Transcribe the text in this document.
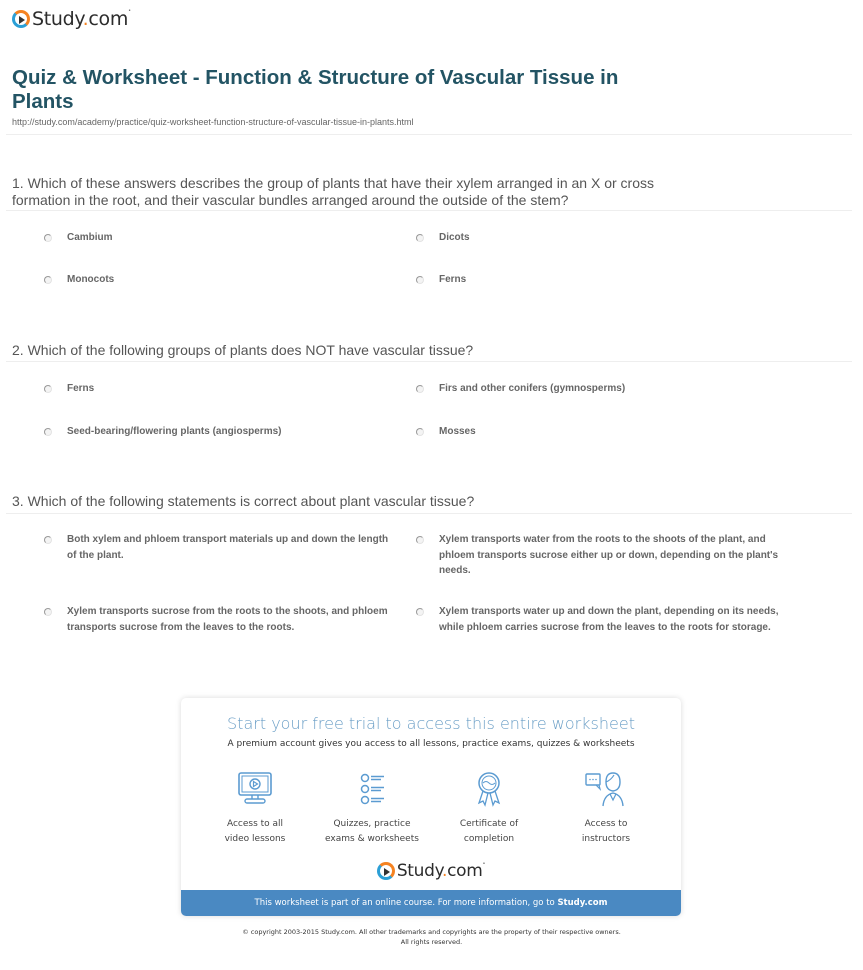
Study.com•
Quiz & Worksheet - Function & Structure of Vascular Tissue in Plants
http://study.com/academy/practice/quiz-worksheet-function-structure-of-vascular-tissue-in-plants.html
1. Which of these answers describes the group of plants that have their xylem arranged in an X or cross formation in the root, and their vascular bundles arranged around the outside of the stem?
Cambium	Dicots
Monocots	Ferns
2. Which of the following groups of plants does NOT have vascular tissue?
Ferns	Firs and other conifers (gymnosperms)
Seed-bearing/flowering plants (angiosperms)	Mosses
3. Which of the following statements is correct about plant vascular tissue?
Both xylem and phloem transport materials up and down the length of the plant.
Xylem transports water from the roots to the shoots of the plant, and phloem transports sucrose either up or down, depending on the plant's needs.
Xylem transports sucrose from the roots to the shoots, and phloem transports sucrose from the leaves to the roots.
Xylem transports water up and down the plant, depending on its needs, while phloem carries sucrose from the leaves to the roots for storage.
Start your free trial to access this entire worksheet
A premium account gives you access to all lessons, practice exams, quizzes & worksheets
Access to all
video lessons
Quizzes, practice
exams & worksheets
Certificate of
completion
Access to
instructors
Study.com•
This worksheet is part of an online course. For more information, go to Study.com
© copyright 2003-2015 Study.com. All other trademarks and copyrights are the property of their respective owners.
All rights reserved.
